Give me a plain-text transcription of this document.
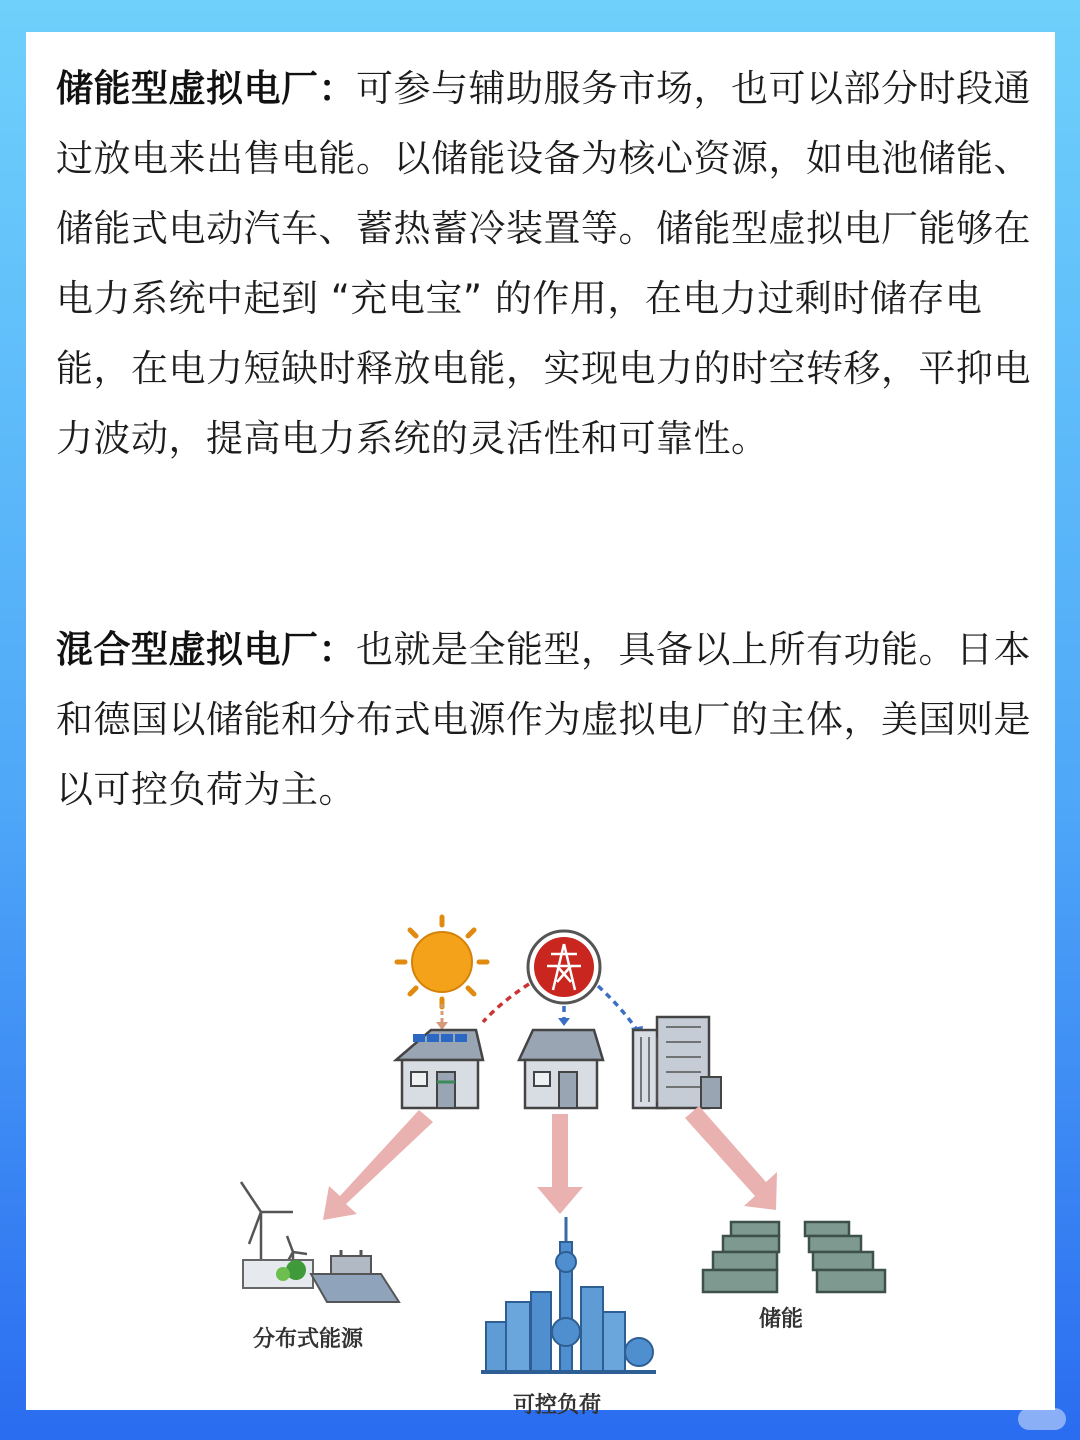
储能型虚拟电厂：可参与辅助服务市场，也可以部分时段通过放电来出售电能。以储能设备为核心资源，如电池储能、储能式电动汽车、蓄热蓄冷装置等。储能型虚拟电厂能够在电力系统中起到 “充电宝” 的作用，在电力过剩时储存电能，在电力短缺时释放电能，实现电力的时空转移，平抑电力波动，提高电力系统的灵活性和可靠性。
混合型虚拟电厂：也就是全能型，具备以上所有功能。日本和德国以储能和分布式电源作为虚拟电厂的主体，美国则是以可控负荷为主。
分布式能源
可控负荷
储能
